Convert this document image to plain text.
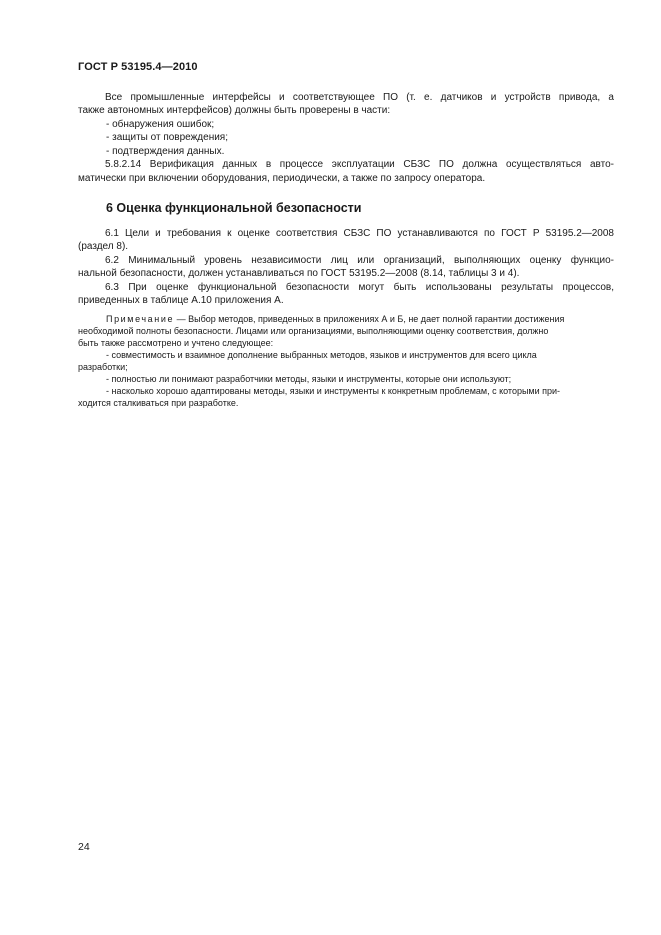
ГОСТ Р 53195.4—2010
Все промышленные интерфейсы и соответствующее ПО (т. е. датчиков и устройств привода, а
также автономных интерфейсов) должны быть проверены в части:
- обнаружения ошибок;
- защиты от повреждения;
- подтверждения данных.
5.8.2.14 Верификация данных в процессе эксплуатации СБЗС ПО должна осуществляться авто-
матически при включении оборудования, периодически, а также по запросу оператора.
6 Оценка функциональной безопасности
6.1 Цели и требования к оценке соответствия СБЗС ПО устанавливаются по ГОСТ Р 53195.2—2008
(раздел 8).
6.2 Минимальный уровень независимости лиц или организаций, выполняющих оценку функцио-
нальной безопасности, должен устанавливаться по ГОСТ 53195.2—2008 (8.14, таблицы 3 и 4).
6.3 При оценке функциональной безопасности могут быть использованы результаты процессов,
приведенных в таблице А.10 приложения А.
Примечание — Выбор методов, приведенных в приложениях А и Б, не дает полной гарантии достижения
необходимой полноты безопасности. Лицами или организациями, выполняющими оценку соответствия, должно
быть также рассмотрено и учтено следующее:
- совместимость и взаимное дополнение выбранных методов, языков и инструментов для всего цикла
разработки;
- полностью ли понимают разработчики методы, языки и инструменты, которые они используют;
- насколько хорошо адаптированы методы, языки и инструменты к конкретным проблемам, с которыми при-
ходится сталкиваться при разработке.
24
